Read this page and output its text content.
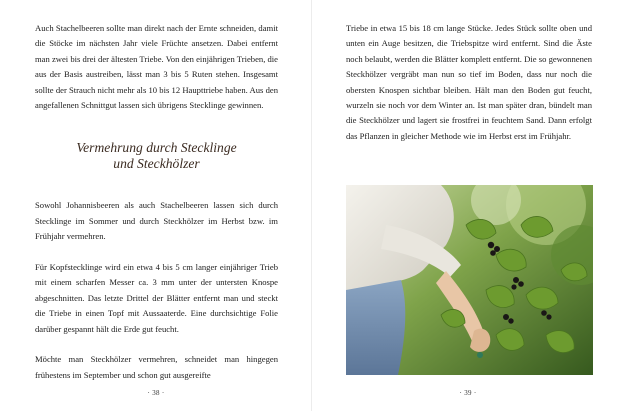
Auch Stachelbeeren sollte man direkt nach der Ernte schneiden, damit die Stöcke im nächsten Jahr viele Früchte ansetzen. Dabei entfernt man zwei bis drei der ältesten Triebe. Von den einjährigen Trieben, die aus der Basis austreiben, lässt man 3 bis 5 Ruten stehen. Insgesamt sollte der Strauch nicht mehr als 10 bis 12 Haupttriebe haben. Aus den angefallenen Schnittgut lassen sich übrigens Stecklinge gewinnen.

Vermehrung durch Stecklinge
und Steckhölzer

Sowohl Johannisbeeren als auch Stachelbeeren lassen sich durch Stecklinge im Sommer und durch Steckhölzer im Herbst bzw. im Frühjahr vermehren.

Für Kopfstecklinge wird ein etwa 4 bis 5 cm langer einjähriger Trieb mit einem scharfen Messer ca. 3 mm unter der untersten Knospe abgeschnitten. Das letzte Drittel der Blätter entfernt man und steckt die Triebe in einen Topf mit Aussaaterde. Eine durchsichtige Folie darüber gespannt hält die Erde gut feucht.

Möchte man Steckhölzer vermehren, schneidet man hingegen frühestens im September und schon gut ausgereifte

· 38 ·

Triebe in etwa 15 bis 18 cm lange Stücke. Jedes Stück sollte oben und unten ein Auge besitzen, die Triebspitze wird entfernt. Sind die Äste noch belaubt, werden die Blätter komplett entfernt. Die so gewonnenen Steckhölzer vergräbt man nun so tief im Boden, dass nur noch die obersten Knospen sichtbar bleiben. Hält man den Boden gut feucht, wurzeln sie noch vor dem Winter an. Ist man später dran, bündelt man die Steckhölzer und lagert sie frostfrei in feuchtem Sand. Dann erfolgt das Pflanzen in gleicher Methode wie im Herbst erst im Frühjahr.

· 39 ·
